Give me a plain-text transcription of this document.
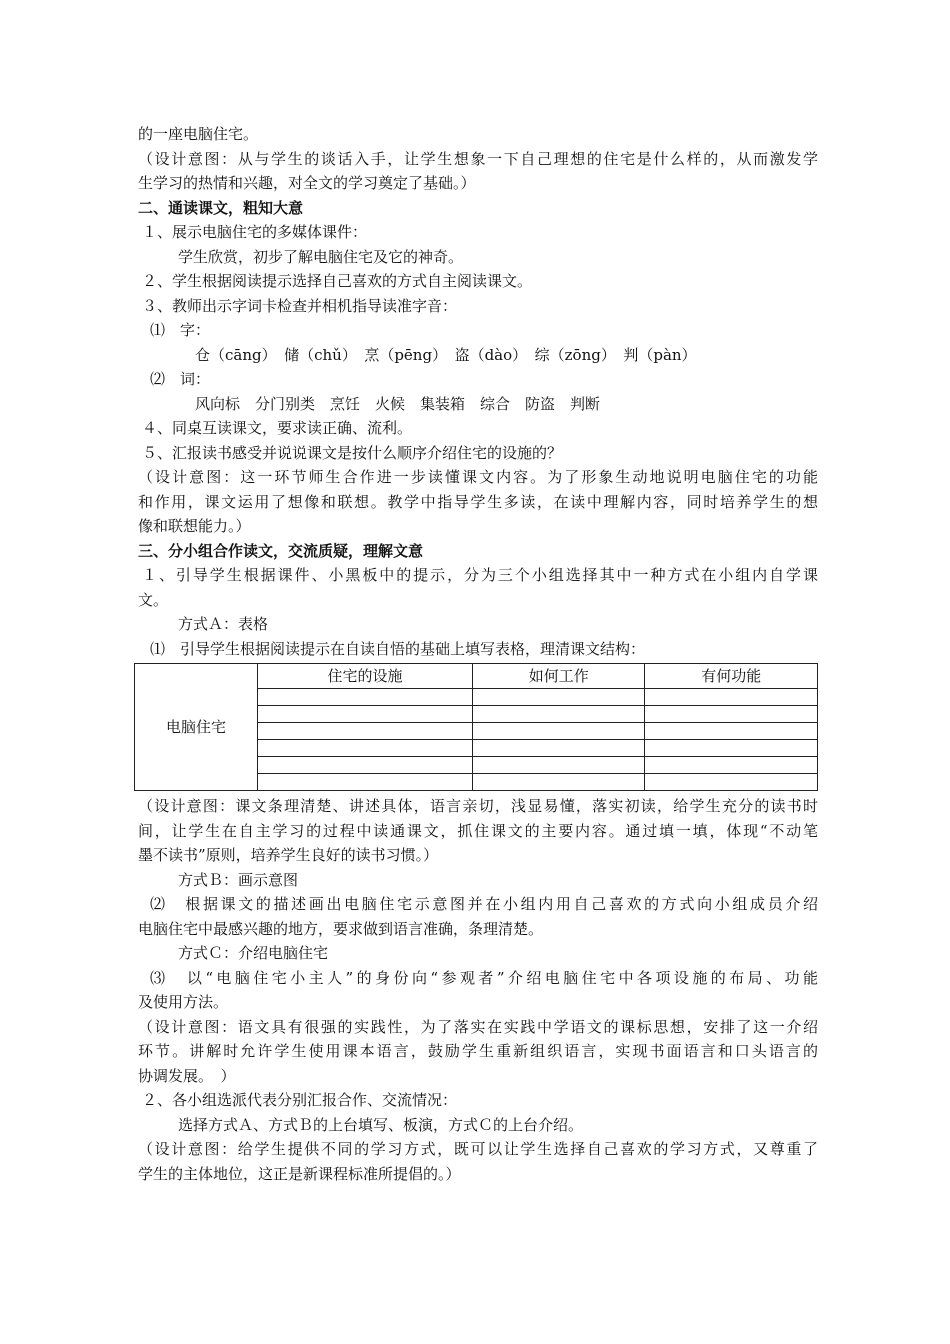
的一座电脑住宅。
（设计意图：从与学生的谈话入手，让学生想象一下自己理想的住宅是什么样的，从而激发学
生学习的热情和兴趣，对全文的学习奠定了基础。）
二、通读课文，粗知大意
１、展示电脑住宅的多媒体课件：
学生欣赏，初步了解电脑住宅及它的神奇。
２、学生根据阅读提示选择自己喜欢的方式自主阅读课文。
３、教师出示字词卡检查并相机指导读准字音：
⑴　字：
仓（cāng）　储（chǔ）　烹（pēng）　盗（dào）　综（zōng）　判（pàn）
⑵　词：
风向标　分门别类　烹饪　火候　集装箱　综合　防盗　判断
４、同桌互读课文，要求读正确、流利。
５、汇报读书感受并说说课文是按什么顺序介绍住宅的设施的？
（设计意图：这一环节师生合作进一步读懂课文内容。为了形象生动地说明电脑住宅的功能
和作用，课文运用了想像和联想。教学中指导学生多读，在读中理解内容，同时培养学生的想
像和联想能力。）
三、分小组合作读文，交流质疑，理解文意
１、引导学生根据课件、小黑板中的提示，分为三个小组选择其中一种方式在小组内自学课
文。
方式Ａ：表格
⑴　引导学生根据阅读提示在自读自悟的基础上填写表格，理清课文结构：
电脑住宅	住宅的设施	如何工作	有何功能

（设计意图：课文条理清楚、讲述具体，语言亲切，浅显易懂，落实初读，给学生充分的读书时
间，让学生在自主学习的过程中读通课文，抓住课文的主要内容。通过填一填，体现“不动笔
墨不读书”原则，培养学生良好的读书习惯。）
方式Ｂ：画示意图
⑵　根据课文的描述画出电脑住宅示意图并在小组内用自己喜欢的方式向小组成员介绍
电脑住宅中最感兴趣的地方，要求做到语言准确，条理清楚。
方式Ｃ：介绍电脑住宅
⑶　以“电脑住宅小主人”的身份向“参观者”介绍电脑住宅中各项设施的布局、功能
及使用方法。
（设计意图：语文具有很强的实践性，为了落实在实践中学语文的课标思想，安排了这一介绍
环节。讲解时允许学生使用课本语言，鼓励学生重新组织语言，实现书面语言和口头语言的
协调发展。　）
２、各小组选派代表分别汇报合作、交流情况：
选择方式Ａ、方式Ｂ的上台填写、板演，方式Ｃ的上台介绍。
（设计意图：给学生提供不同的学习方式，既可以让学生选择自己喜欢的学习方式，又尊重了
学生的主体地位，这正是新课程标准所提倡的。）
